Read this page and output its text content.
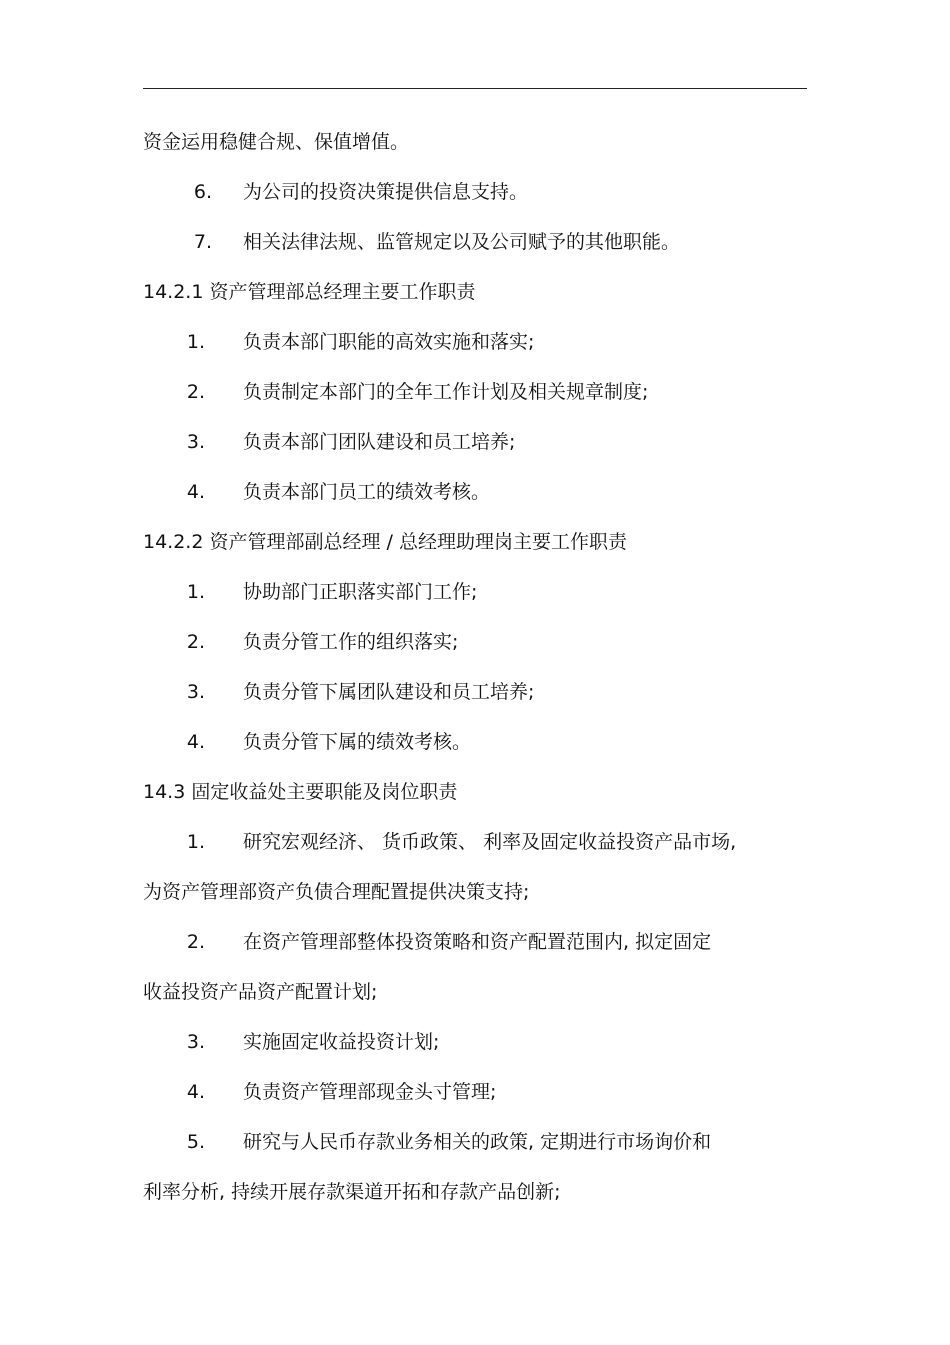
资金运用稳健合规、保值增值。
6. 为公司的投资决策提供信息支持。
7. 相关法律法规、监管规定以及公司赋予的其他职能。
14.2.1 资产管理部总经理主要工作职责
1. 负责本部门职能的高效实施和落实;
2. 负责制定本部门的全年工作计划及相关规章制度;
3. 负责本部门团队建设和员工培养;
4. 负责本部门员工的绩效考核。
14.2.2 资产管理部副总经理 / 总经理助理岗主要工作职责
1. 协助部门正职落实部门工作;
2. 负责分管工作的组织落实;
3. 负责分管下属团队建设和员工培养;
4. 负责分管下属的绩效考核。
14.3 固定收益处主要职能及岗位职责
1. 研究宏观经济、 货币政策、 利率及固定收益投资产品市场,
为资产管理部资产负债合理配置提供决策支持;
2. 在资产管理部整体投资策略和资产配置范围内, 拟定固定
收益投资产品资产配置计划;
3. 实施固定收益投资计划;
4. 负责资产管理部现金头寸管理;
5. 研究与人民币存款业务相关的政策, 定期进行市场询价和
利率分析, 持续开展存款渠道开拓和存款产品创新;
